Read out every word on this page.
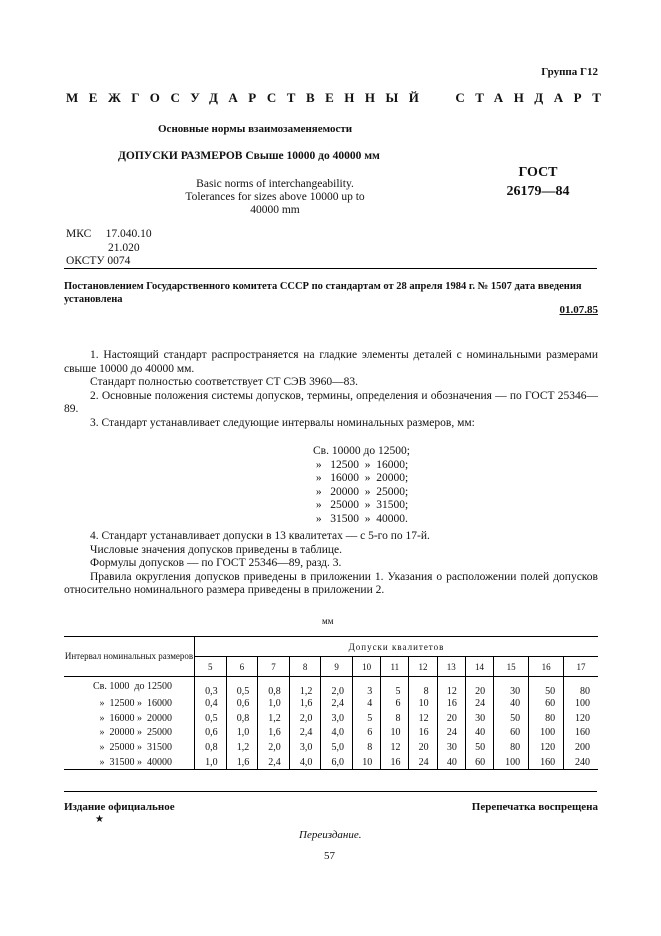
Группа Г12
МЕЖГОСУДАРСТВЕННЫЙ СТАНДАРТ
Основные нормы взаимозаменяемости
ДОПУСКИ РАЗМЕРОВ Свыше 10000 до 40000 мм
Basic norms of interchangeability.
Tolerances for sizes above 10000 up to 40000 mm
ГОСТ
26179—84
МКС 17.040.10
21.020
ОКСТУ 0074
Постановлением Государственного комитета СССР по стандартам от 28 апреля 1984 г. № 1507 дата введения установлена
01.07.85

1. Настоящий стандарт распространяется на гладкие элементы деталей с номинальными размерами свыше 10000 до 40000 мм.

Стандарт полностью соответствует СТ СЭВ 3960—83.

2. Основные положения системы допусков, термины, определения и обозначения — по ГОСТ 25346—89.

3. Стандарт устанавливает следующие интервалы номинальных размеров, мм:

Св. 10000 до 12500;
»   12500  »  16000;
»   16000  »  20000;
»   20000  »  25000;
»   25000  »  31500;
»   31500  »  40000.

4. Стандарт устанавливает допуски в 13 квалитетах — с 5-го по 17-й.

Числовые значения допусков приведены в таблице.

Формулы допусков — по ГОСТ 25346—89, разд. 3.

Правила округления допусков приведены в приложении 1. Указания о расположении полей допусков относительно номинального размера приведены в приложении 2.

мм
Интервал номинальных размеров	Допуски квалитетов												
	5	6	7	8	9	10	11	12	13	14	15	16	17
Св. 1000  до 12500	0,3	0,5	0,8	1,2	2,0	3	5	8	12	20	30	50	80
»  12500 »  16000	0,4	0,6	1,0	1,6	2,4	4	6	10	16	24	40	60	100
»  16000 »  20000	0,5	0,8	1,2	2,0	3,0	5	8	12	20	30	50	80	120
»  20000 »  25000	0,6	1,0	1,6	2,4	4,0	6	10	16	24	40	60	100	160
»  25000 »  31500	0,8	1,2	2,0	3,0	5,0	8	12	20	30	50	80	120	200
»  31500 »  40000	1,0	1,6	2,4	4,0	6,0	10	16	24	40	60	100	160	240
Издание официальное
★
Перепечатка воспрещена
Переиздание.
57
